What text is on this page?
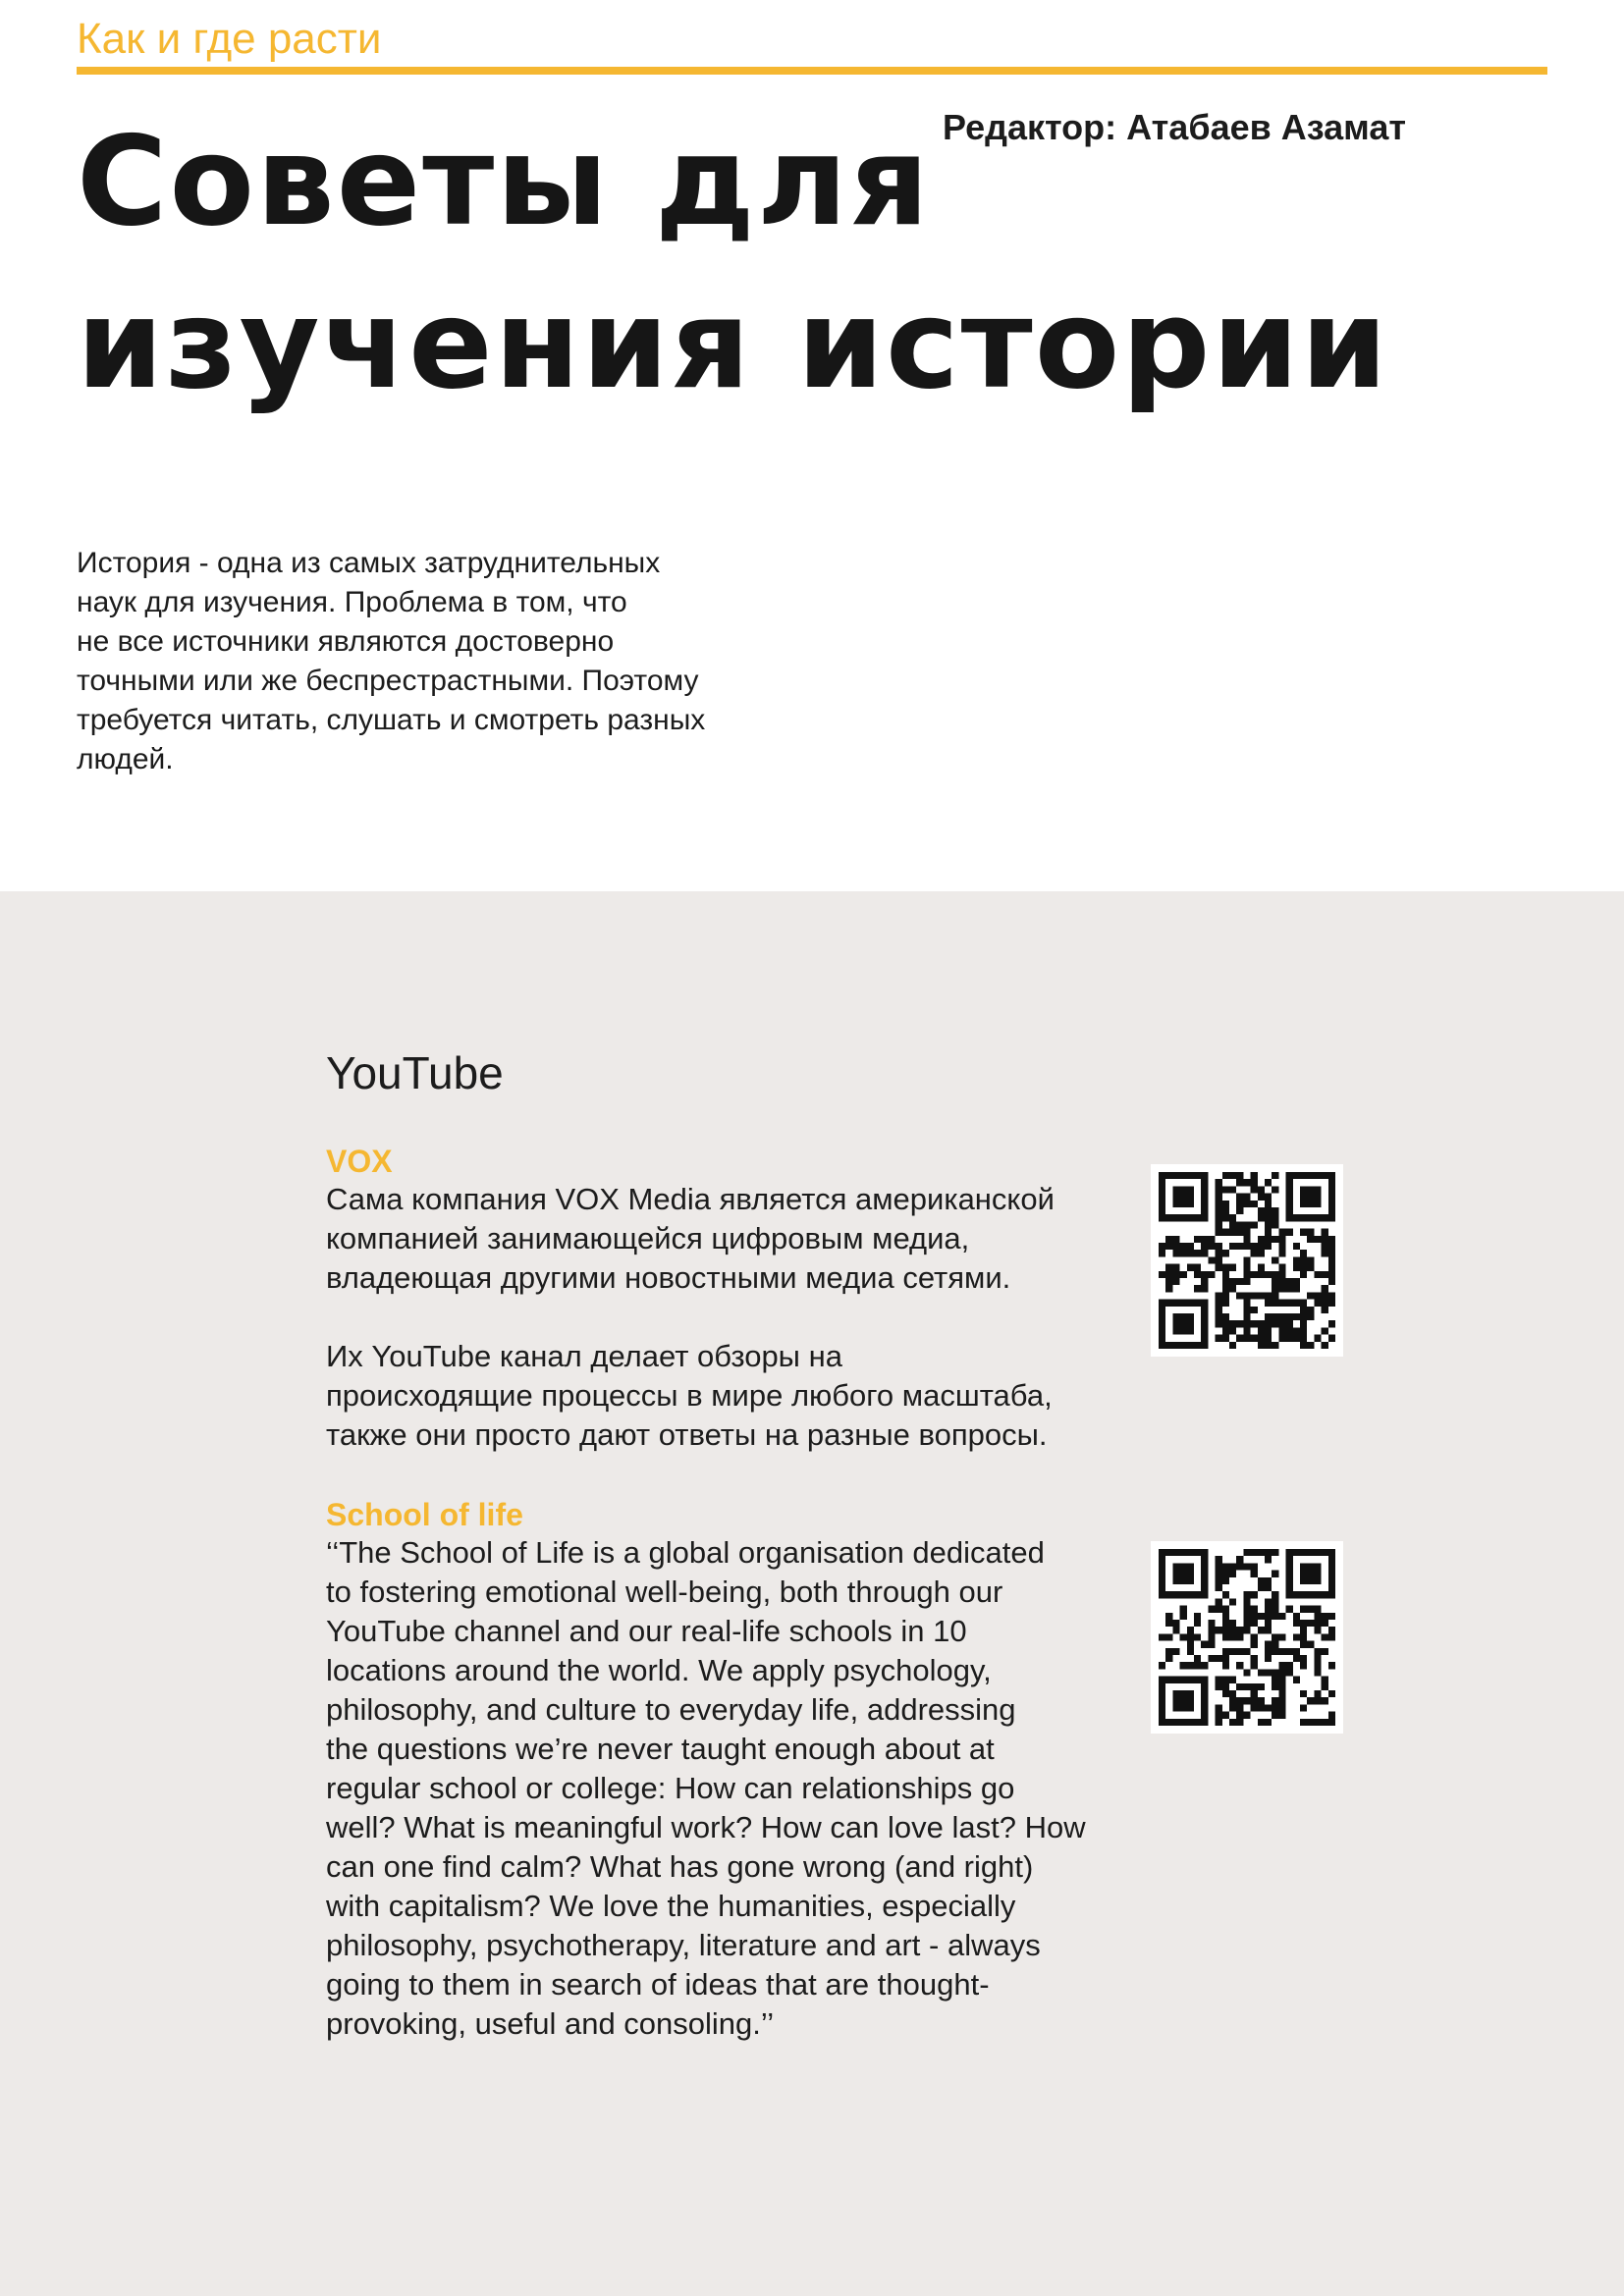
Как и где расти
Редактор: Атабаев Азамат
Советы для
изучения истории

История - одна из самых затруднительных
наук для изучения. Проблема в том, что
не все источники являются достоверно
точными или же беспрестрастными. Поэтому
требуется читать, слушать и смотреть разных
людей.

YouTube
VOX

Сама компания VOX Media является американской
компанией занимающейся цифровым медиа,
владеющая другими новостными медиа сетями.

Их YouTube канал делает обзоры на
происходящие процессы в мире любого масштаба,
также они просто дают ответы на разные вопросы.

School of life

‘‘The School of Life is a global organisation dedicated
to fostering emotional well-being, both through our
YouTube channel and our real-life schools in 10
locations around the world. We apply psychology,
philosophy, and culture to everyday life, addressing
the questions we’re never taught enough about at
regular school or college: How can relationships go
well? What is meaningful work? How can love last? How
can one find calm? What has gone wrong (and right)
with capitalism? We love the humanities, especially
philosophy, psychotherapy, literature and art - always
going to them in search of ideas that are thought-
provoking, useful and consoling.’’
